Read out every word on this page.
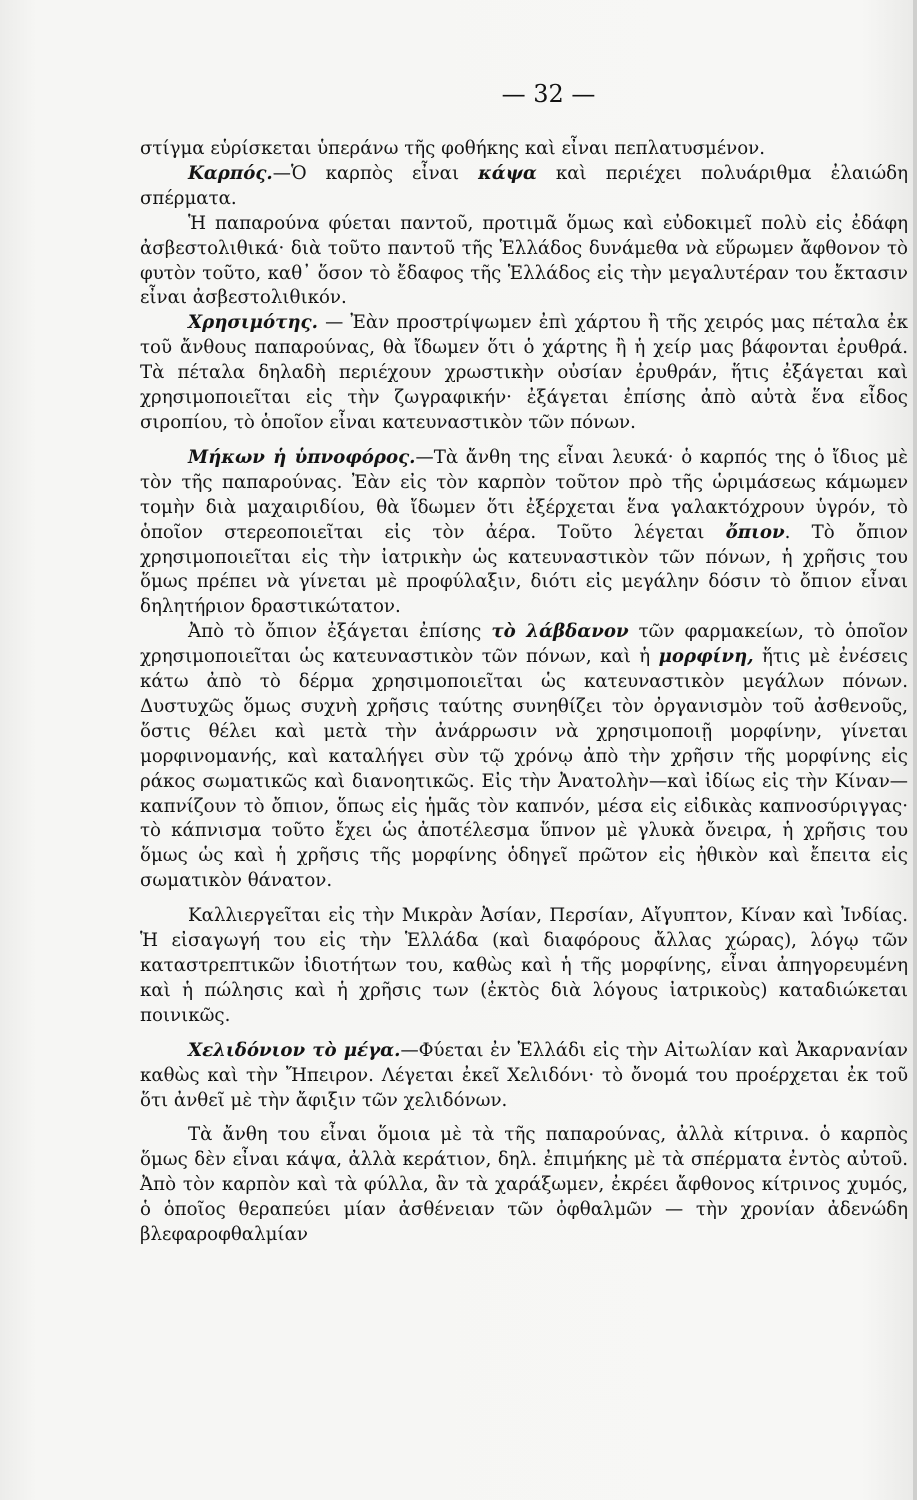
— 32 —

στίγμα εὑρίσκεται ὑπεράνω τῆς φοθήκης καὶ εἶναι πεπλατυσμένον.

Καρπός.—Ὁ καρπὸς εἶναι κάψα καὶ περιέχει πολυάριθμα ἐλαιώδη σπέρματα.

Ἡ παπαρούνα φύεται παντοῦ, προτιμᾶ ὅμως καὶ εὐδοκιμεῖ πολὺ εἰς ἐδάφη ἀσβεστολιθικά· διὰ τοῦτο παντοῦ τῆς Ἑλλάδος δυνάμεθα νὰ εὕρωμεν ἄφθονον τὸ φυτὸν τοῦτο, καθ᾽ ὅσον τὸ ἔδαφος τῆς Ἑλλάδος εἰς τὴν μεγαλυτέραν του ἔκτασιν εἶναι ἀσβεστολιθικόν.

Χρησιμότης. — Ἐὰν προστρίψωμεν ἐπὶ χάρτου ἢ τῆς χειρός μας πέταλα ἐκ τοῦ ἄνθους παπαρούνας, θὰ ἴδωμεν ὅτι ὁ χάρτης ἢ ἡ χείρ μας βάφονται ἐρυθρά. Τὰ πέταλα δηλαδὴ περιέχουν χρωστικὴν οὐσίαν ἐρυθράν, ἥτις ἐξάγεται καὶ χρησιμοποιεῖται εἰς τὴν ζωγραφικήν· ἐξάγεται ἐπίσης ἀπὸ αὐτὰ ἕνα εἶδος σιροπίου, τὸ ὁποῖον εἶναι κατευναστικὸν τῶν πόνων.

Μήκων ἡ ὑπνοφόρος.—Τὰ ἄνθη της εἶναι λευκά· ὁ καρπός της ὁ ἴδιος μὲ τὸν τῆς παπαρούνας. Ἐὰν εἰς τὸν καρπὸν τοῦτον πρὸ τῆς ὡριμάσεως κάμωμεν τομὴν διὰ μαχαιριδίου, θὰ ἴδωμεν ὅτι ἐξέρχεται ἕνα γαλακτόχρουν ὑγρόν, τὸ ὁποῖον στερεοποιεῖται εἰς τὸν ἀέρα. Τοῦτο λέγεται ὄπιον. Τὸ ὄπιον χρησιμοποιεῖται εἰς τὴν ἰατρικὴν ὡς κατευναστικὸν τῶν πόνων, ἡ χρῆσις του ὅμως πρέπει νὰ γίνεται μὲ προφύλαξιν, διότι εἰς μεγάλην δόσιν τὸ ὄπιον εἶναι δηλητήριον δραστικώτατον.

Ἀπὸ τὸ ὄπιον ἐξάγεται ἐπίσης τὸ λάβδανον τῶν φαρμακείων, τὸ ὁποῖον χρησιμοποιεῖται ὡς κατευναστικὸν τῶν πόνων, καὶ ἡ μορφίνη, ἥτις μὲ ἐνέσεις κάτω ἀπὸ τὸ δέρμα χρησιμοποιεῖται ὡς κατευναστικὸν μεγάλων πόνων. Δυστυχῶς ὅμως συχνὴ χρῆσις ταύτης συνηθίζει τὸν ὀργανισμὸν τοῦ ἀσθενοῦς, ὅστις θέλει καὶ μετὰ τὴν ἀνάρρωσιν νὰ χρησιμοποιῇ μορφίνην, γίνεται μορφινομανής, καὶ καταλήγει σὺν τῷ χρόνῳ ἀπὸ τὴν χρῆσιν τῆς μορφίνης εἰς ράκος σωματικῶς καὶ διανοητικῶς. Εἰς τὴν Ἀνατολὴν—καὶ ἰδίως εἰς τὴν Κίναν—καπνίζουν τὸ ὄπιον, ὅπως εἰς ἡμᾶς τὸν καπνόν, μέσα εἰς εἰδικὰς καπνοσύριγγας· τὸ κάπνισμα τοῦτο ἔχει ὡς ἀποτέλεσμα ὕπνον μὲ γλυκὰ ὄνειρα, ἡ χρῆσις του ὅμως ὡς καὶ ἡ χρῆσις τῆς μορφίνης ὁδηγεῖ πρῶτον εἰς ἠθικὸν καὶ ἔπειτα εἰς σωματικὸν θάνατον.

Καλλιεργεῖται εἰς τὴν Μικρὰν Ἀσίαν, Περσίαν, Αἴγυπτον, Κίναν καὶ Ἰνδίας. Ἡ εἰσαγωγή του εἰς τὴν Ἑλλάδα (καὶ διαφόρους ἄλλας χώρας), λόγῳ τῶν καταστρεπτικῶν ἰδιοτήτων του, καθὼς καὶ ἡ τῆς μορφίνης, εἶναι ἀπηγορευμένη καὶ ἡ πώλησις καὶ ἡ χρῆσις των (ἐκτὸς διὰ λόγους ἰατρικοὺς) καταδιώκεται ποινικῶς.

Χελιδόνιον τὸ μέγα.—Φύεται ἐν Ἑλλάδι εἰς τὴν Αἰτωλίαν καὶ Ἀκαρνανίαν καθὼς καὶ τὴν Ἤπειρον. Λέγεται ἐκεῖ Χελιδόνι· τὸ ὄνομά του προέρχεται ἐκ τοῦ ὅτι ἀνθεῖ μὲ τὴν ἄφιξιν τῶν χελιδόνων.

Τὰ ἄνθη του εἶναι ὅμοια μὲ τὰ τῆς παπαρούνας, ἀλλὰ κίτρινα. ὁ καρπὸς ὅμως δὲν εἶναι κάψα, ἀλλὰ κεράτιον, δηλ. ἐπιμήκης μὲ τὰ σπέρματα ἐντὸς αὐτοῦ. Ἀπὸ τὸν καρπὸν καὶ τὰ φύλλα, ἂν τὰ χαράξωμεν, ἐκρέει ἄφθονος κίτρινος χυμός, ὁ ὁποῖος θεραπεύει μίαν ἀσθένειαν τῶν ὀφθαλμῶν — τὴν χρονίαν ἀδενώδη βλεφαροφθαλμίαν
